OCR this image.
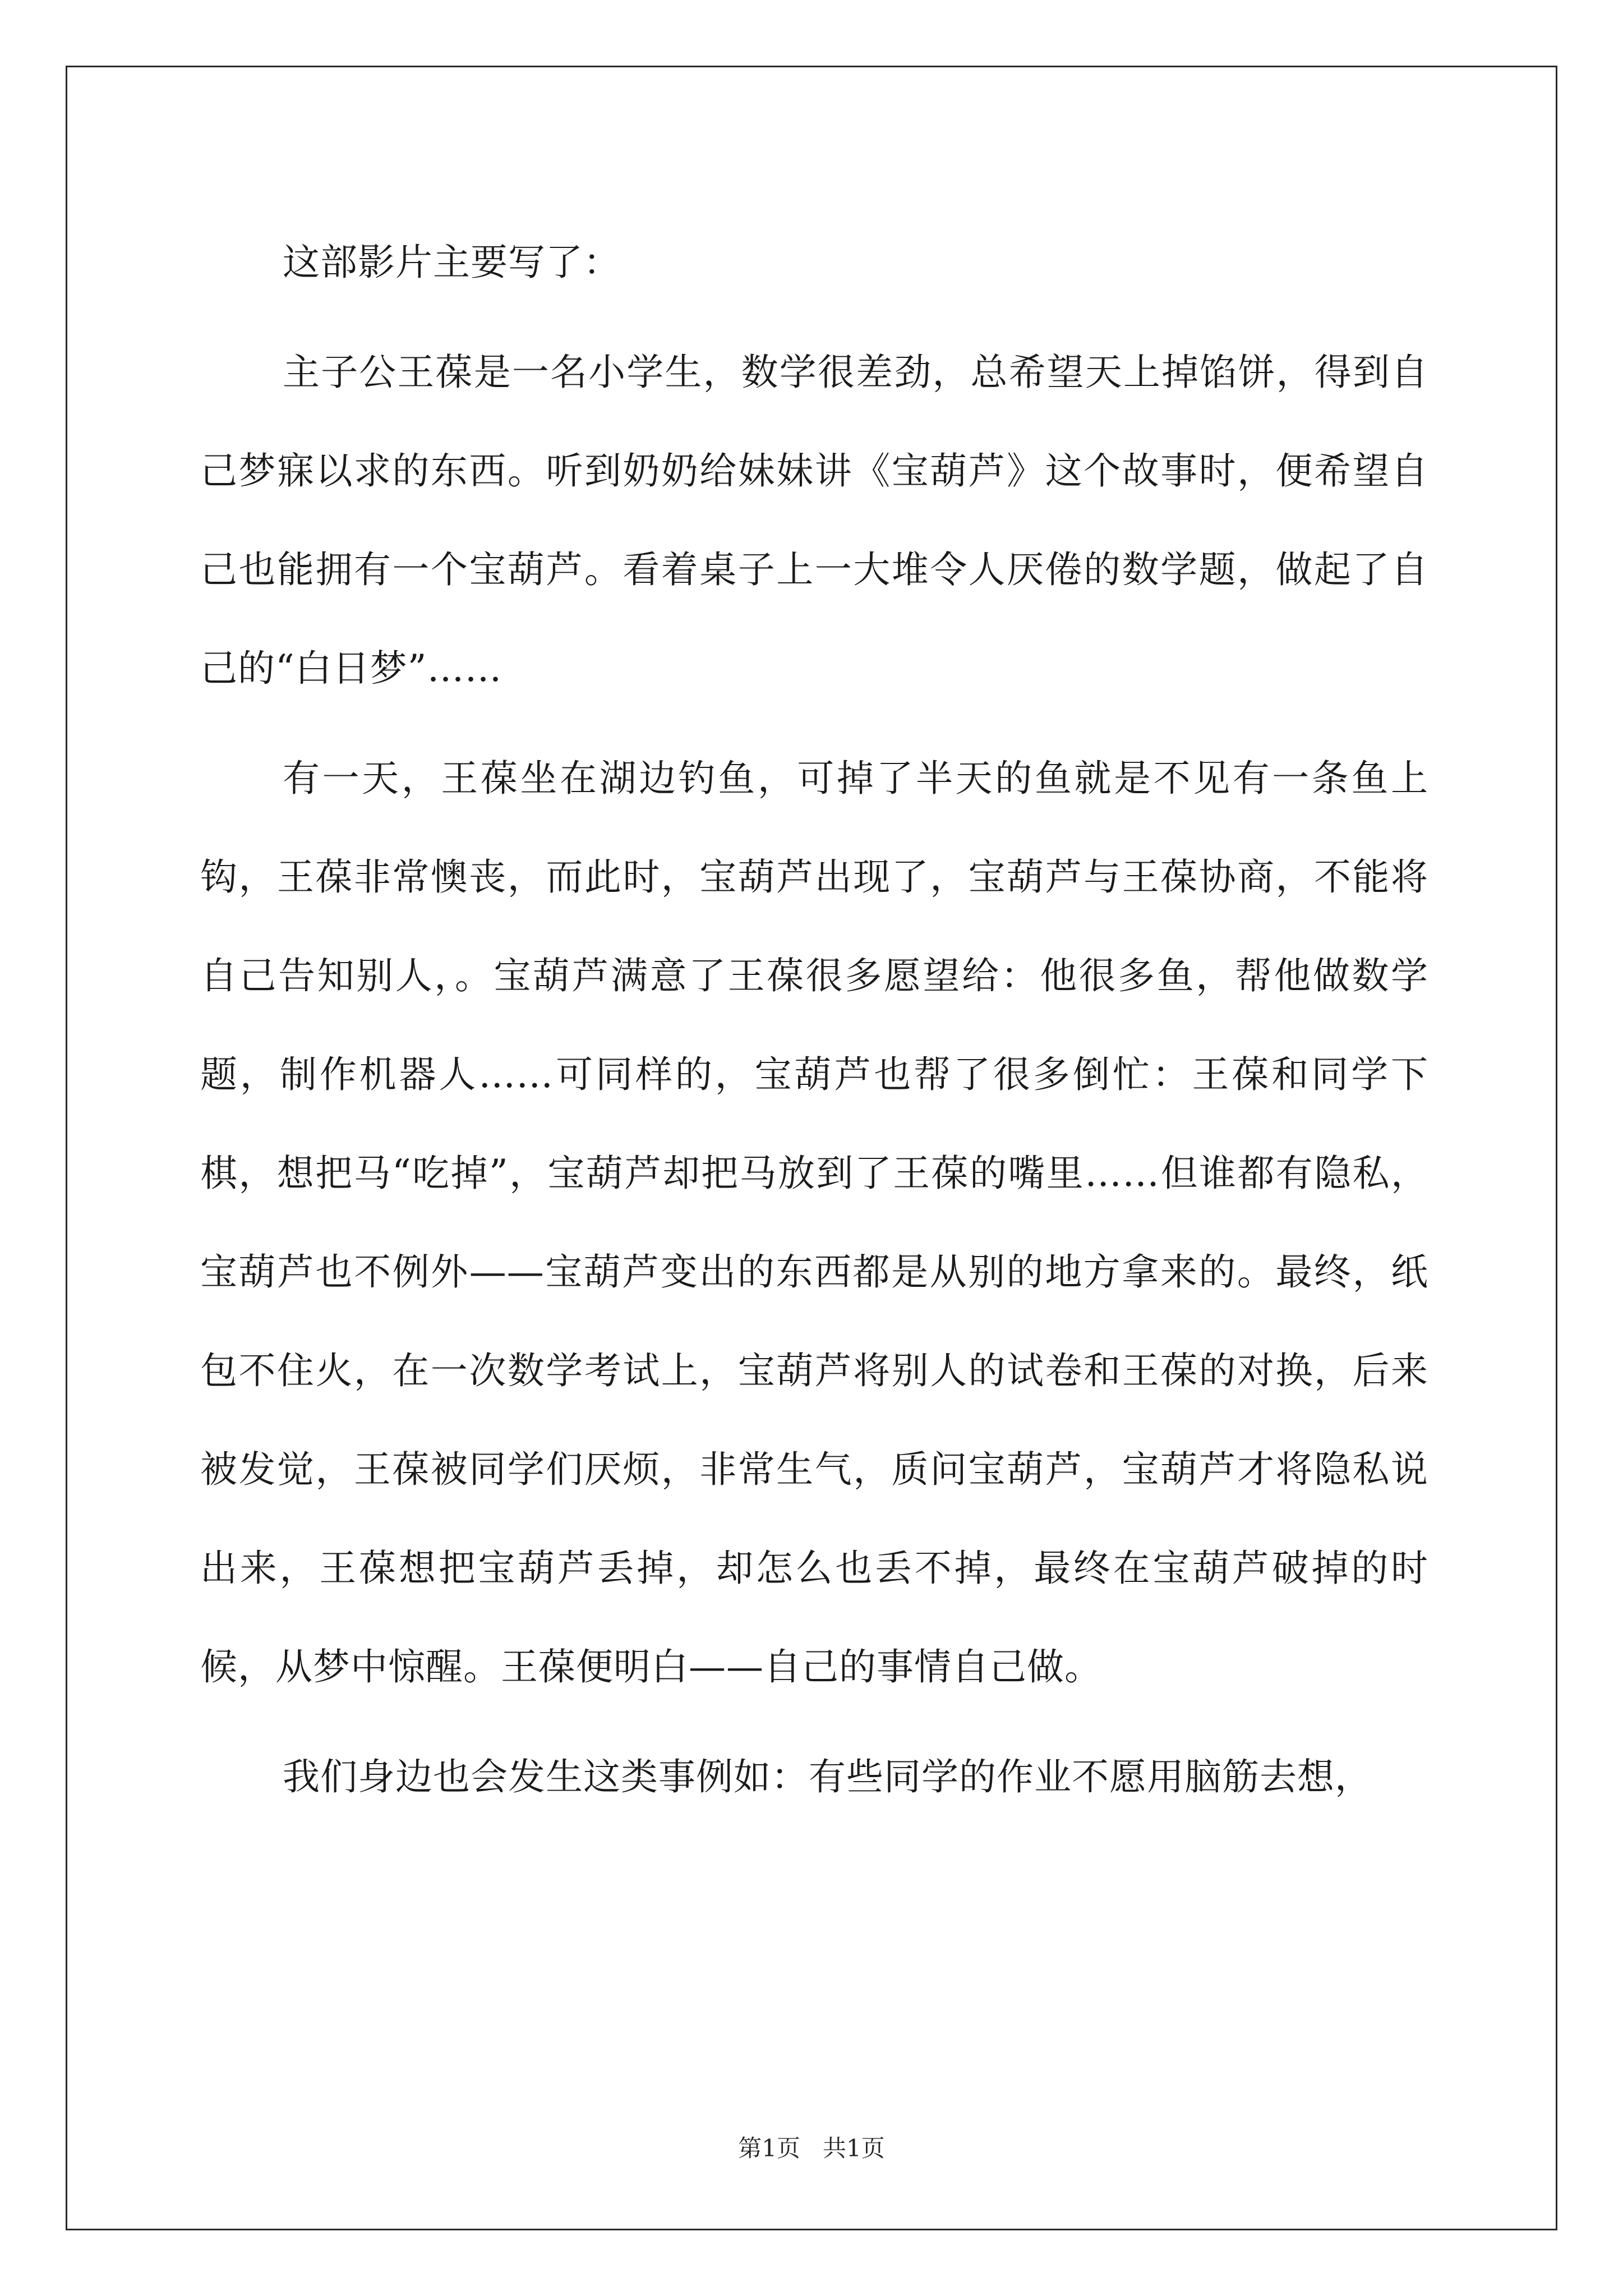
这部影片主要写了：

主子公王葆是一名小学生，数学很差劲，总希望天上掉馅饼，得到自己梦寐以求的东西。听到奶奶给妹妹讲《宝葫芦》这个故事时，便希望自己也能拥有一个宝葫芦。看着桌子上一大堆令人厌倦的数学题，做起了自己的“白日梦”……

有一天，王葆坐在湖边钓鱼，可掉了半天的鱼就是不见有一条鱼上钩，王葆非常懊丧，而此时，宝葫芦出现了，宝葫芦与王葆协商，不能将自己告知别人，。宝葫芦满意了王葆很多愿望给：他很多鱼，帮他做数学题，制作机器人……可同样的，宝葫芦也帮了很多倒忙：王葆和同学下棋，想把马“吃掉”，宝葫芦却把马放到了王葆的嘴里……但谁都有隐私，宝葫芦也不例外——宝葫芦变出的东西都是从别的地方拿来的。最终，纸包不住火，在一次数学考试上，宝葫芦将别人的试卷和王葆的对换，后来被发觉，王葆被同学们厌烦，非常生气，质问宝葫芦，宝葫芦才将隐私说出来，王葆想把宝葫芦丢掉，却怎么也丢不掉，最终在宝葫芦破掉的时候，从梦中惊醒。王葆便明白——自己的事情自己做。

我们身边也会发生这类事例如：有些同学的作业不愿用脑筋去想，

第1页 共1页
